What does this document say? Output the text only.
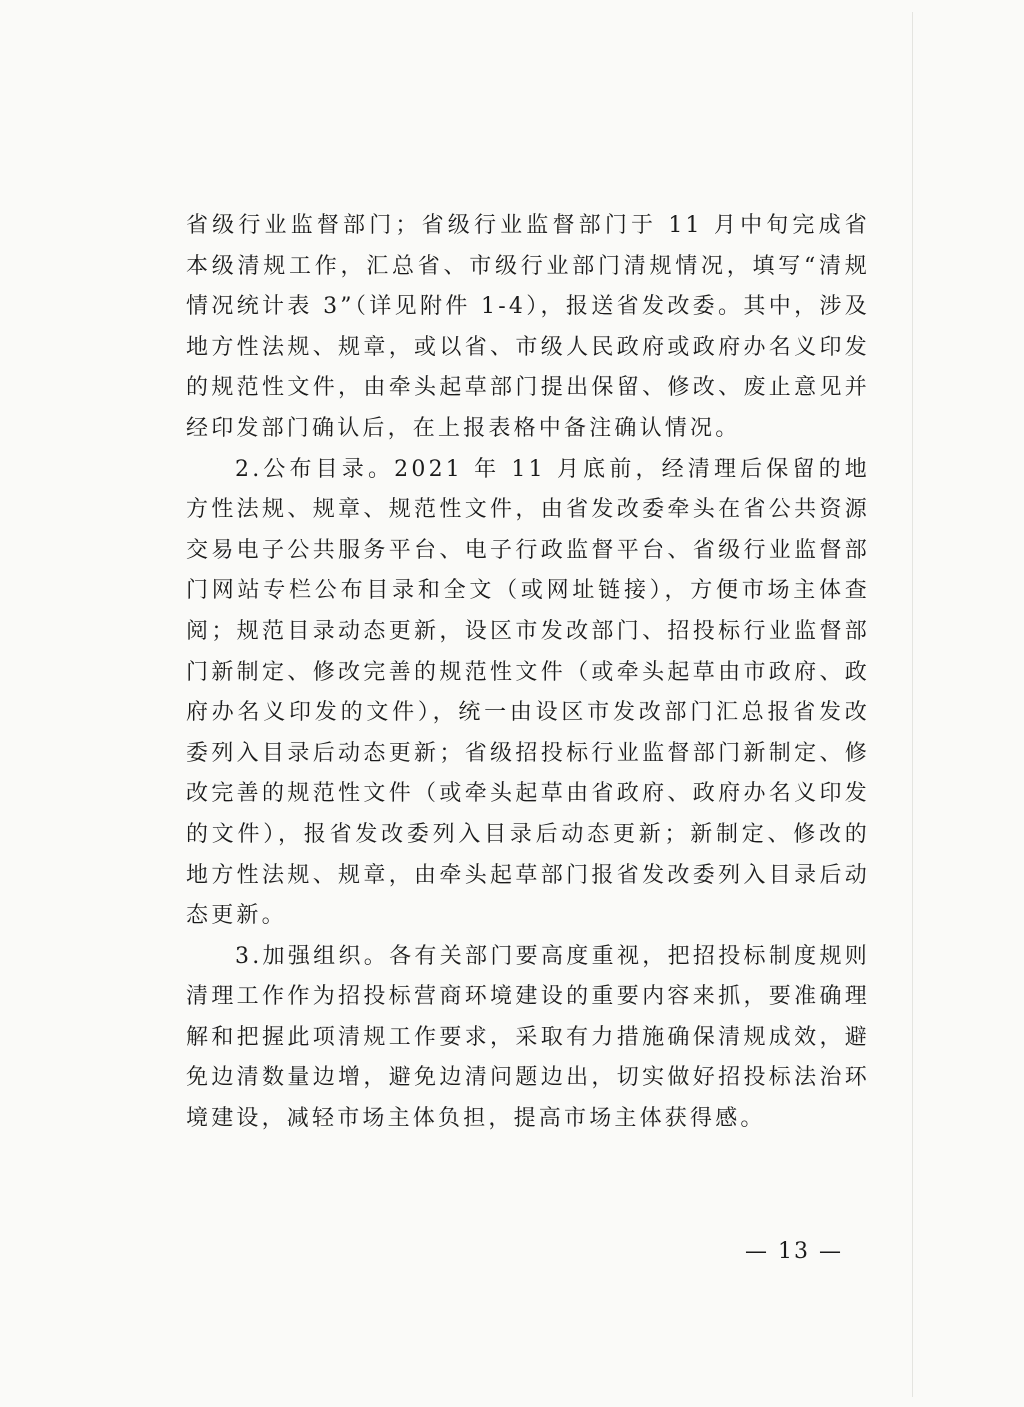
省级行业监督部门；省级行业监督部门于 11 月中旬完成省本级清规工作，汇总省、市级行业部门清规情况，填写“清规情况统计表 3”（详见附件 1-4），报送省发改委。其中，涉及地方性法规、规章，或以省、市级人民政府或政府办名义印发的规范性文件，由牵头起草部门提出保留、修改、废止意见并经印发部门确认后，在上报表格中备注确认情况。

2.公布目录。2021 年 11 月底前，经清理后保留的地方性法规、规章、规范性文件，由省发改委牵头在省公共资源交易电子公共服务平台、电子行政监督平台、省级行业监督部门网站专栏公布目录和全文（或网址链接），方便市场主体查阅；规范目录动态更新，设区市发改部门、招投标行业监督部门新制定、修改完善的规范性文件（或牵头起草由市政府、政府办名义印发的文件），统一由设区市发改部门汇总报省发改委列入目录后动态更新；省级招投标行业监督部门新制定、修改完善的规范性文件（或牵头起草由省政府、政府办名义印发的文件），报省发改委列入目录后动态更新；新制定、修改的地方性法规、规章，由牵头起草部门报省发改委列入目录后动态更新。

3.加强组织。各有关部门要高度重视，把招投标制度规则清理工作作为招投标营商环境建设的重要内容来抓，要准确理解和把握此项清规工作要求，采取有力措施确保清规成效，避免边清数量边增，避免边清问题边出，切实做好招投标法治环境建设，减轻市场主体负担，提高市场主体获得感。

— 13 —
